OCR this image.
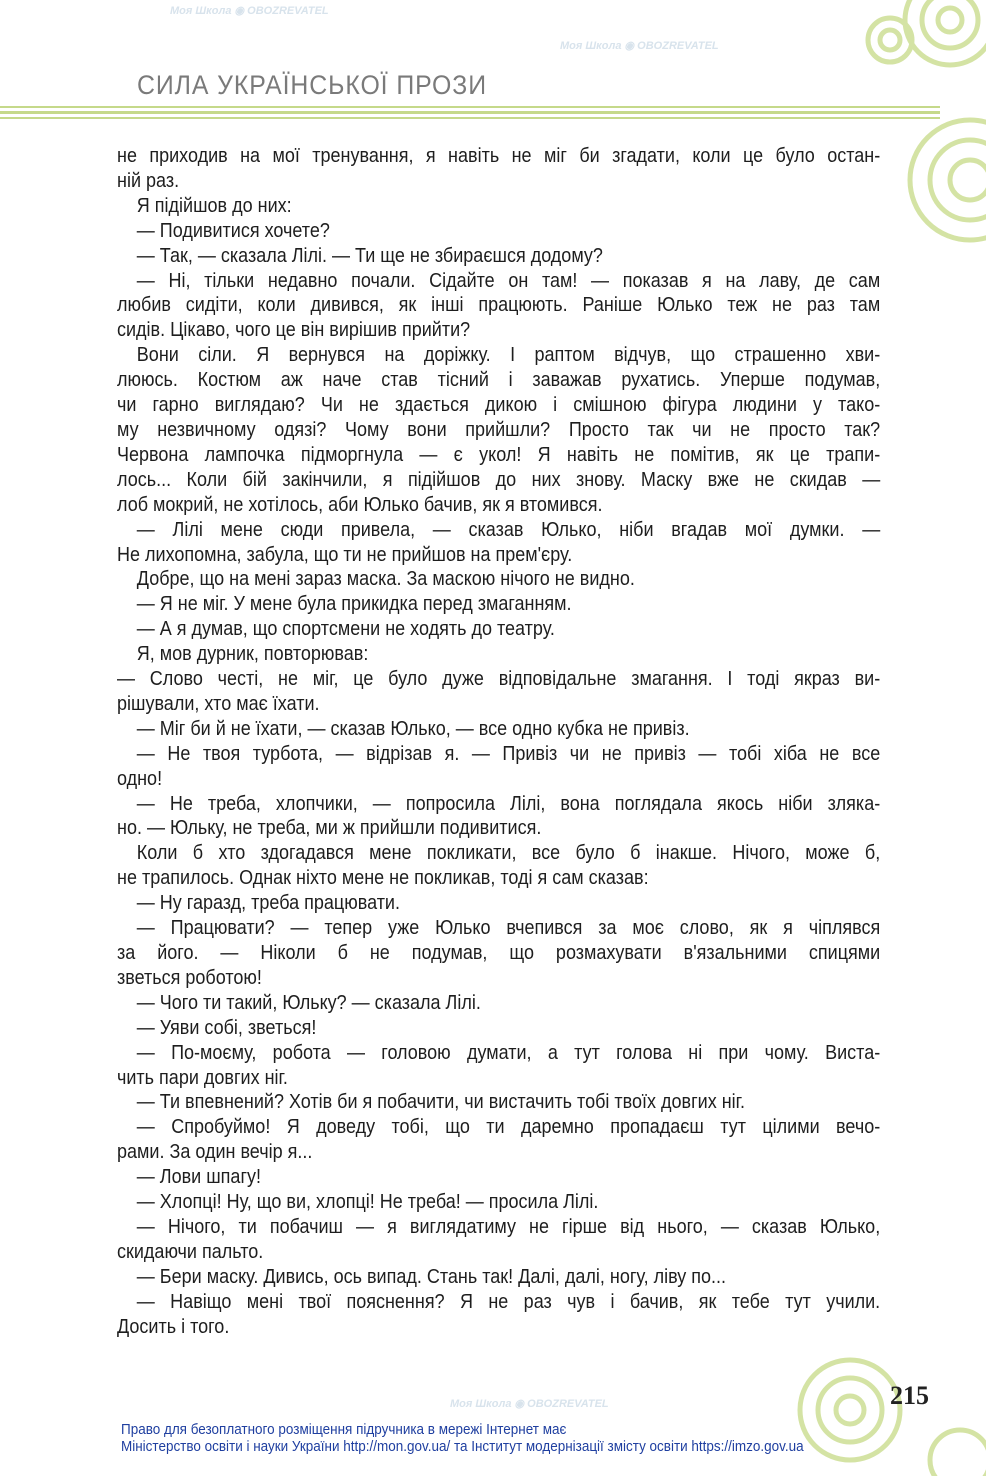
Моя Школа ◉ OBOZREVATEL
Моя Школа ◉ OBOZREVATEL
Моя Школа ◉ OBOZREVATEL
СИЛА УКРАЇНСЬКОЇ ПРОЗИ
не приходив на мої тренування, я навіть не міг би згадати, коли це було остан-
ній раз.
Я підійшов до них:
— Подивитися хочете?
— Так, — сказала Лілі. — Ти ще не збираєшся додому?
— Ні, тільки недавно почали. Сідайте он там! — показав я на лаву, де сам
любив сидіти, коли дивився, як інші працюють. Раніше Юлько теж не раз там
сидів. Цікаво, чого це він вирішив прийти?
Вони сіли. Я вернувся на доріжку. І раптом відчув, що страшенно хви-
лююсь. Костюм аж наче став тісний і заважав рухатись. Уперше подумав,
чи гарно виглядаю? Чи не здається дикою і смішною фігура людини у тако-
му незвичному одязі? Чому вони прийшли? Просто так чи не просто так?
Червона лампочка підморгнула — є укол! Я навіть не помітив, як це трапи-
лось... Коли бій закінчили, я підійшов до них знову. Маску вже не скидав —
лоб мокрий, не хотілось, аби Юлько бачив, як я втомився.
— Лілі мене сюди привела, — сказав Юлько, ніби вгадав мої думки. —
Не лихопомна, забула, що ти не прийшов на прем'єру.
Добре, що на мені зараз маска. За маскою нічого не видно.
— Я не міг. У мене була прикидка перед змаганням.
— А я думав, що спортсмени не ходять до театру.
Я, мов дурник, повторював:
— Слово честі, не міг, це було дуже відповідальне змагання. І тоді якраз ви-
рішували, хто має їхати.
— Міг би й не їхати, — сказав Юлько, — все одно кубка не привіз.
— Не твоя турбота, — відрізав я. — Привіз чи не привіз — тобі хіба не все
одно!
— Не треба, хлопчики, — попросила Лілі, вона поглядала якось ніби зляка-
но. — Юльку, не треба, ми ж прийшли подивитися.
Коли б хто здогадався мене покликати, все було б інакше. Нічого, може б,
не трапилось. Однак ніхто мене не покликав, тоді я сам сказав:
— Ну гаразд, треба працювати.
— Працювати? — тепер уже Юлько вчепився за моє слово, як я чіплявся
за його. — Ніколи б не подумав, що розмахувати в'язальними спицями
зветься роботою!
— Чого ти такий, Юльку? — сказала Лілі.
— Уяви собі, зветься!
— По-моєму, робота — головою думати, а тут голова ні при чому. Виста-
чить пари довгих ніг.
— Ти впевнений? Хотів би я побачити, чи вистачить тобі твоїх довгих ніг.
— Спробуймо! Я доведу тобі, що ти даремно пропадаєш тут цілими вечо-
рами. За один вечір я...
— Лови шпагу!
— Хлопці! Ну, що ви, хлопці! Не треба! — просила Лілі.
— Нічого, ти побачиш — я виглядатиму не гірше від нього, — сказав Юлько,
скидаючи пальто.
— Бери маску. Дивись, ось випад. Стань так! Далі, далі, ногу, ліву по...
— Навіщо мені твої пояснення? Я не раз чув і бачив, як тебе тут учили.
Досить і того.
215
Право для безоплатного розміщення підручника в мережі Інтернет має
Міністерство освіти і науки України http://mon.gov.ua/ та Інститут модернізації змісту освіти https://imzo.gov.ua
